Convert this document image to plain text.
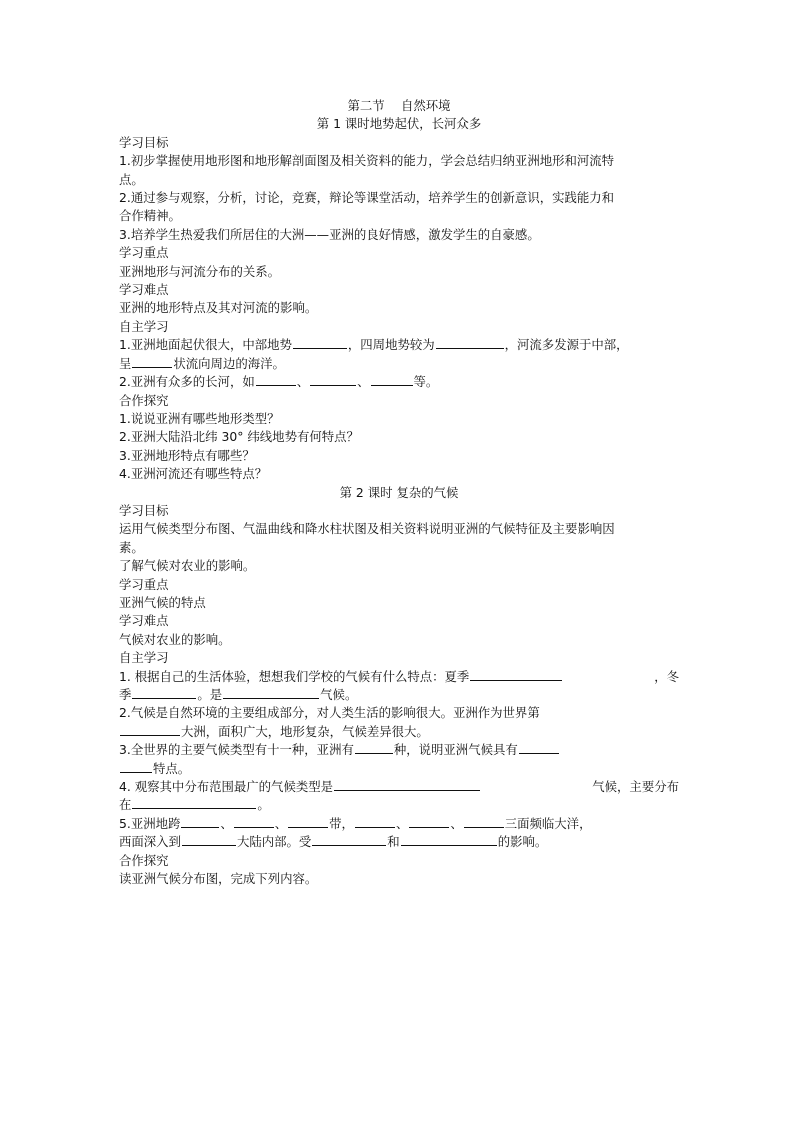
第二节　 自然环境
第 1 课时地势起伏，长河众多
学习目标
1.初步掌握使用地形图和地形解剖面图及相关资料的能力，学会总结归纳亚洲地形和河流特
点。
2.通过参与观察，分析，讨论，竞赛，辩论等课堂活动，培养学生的创新意识，实践能力和
合作精神。
3.培养学生热爱我们所居住的大洲——亚洲的良好情感，激发学生的自豪感。
学习重点
亚洲地形与河流分布的关系。
学习难点
亚洲的地形特点及其对河流的影响。
自主学习
1.亚洲地面起伏很大，中部地势	，四周地势较为	，河流多发源于中部，
呈	状流向周边的海洋。
2.亚洲有众多的长河，如	、	、	等。
合作探究
1.说说亚洲有哪些地形类型？
2.亚洲大陆沿北纬 30° 纬线地势有何特点？
3.亚洲地形特点有哪些？
4.亚洲河流还有哪些特点？
第 2 课时 复杂的气候
学习目标
运用气候类型分布图、气温曲线和降水柱状图及相关资料说明亚洲的气候特征及主要影响因
素。
了解气候对农业的影响。
学习重点
亚洲气候的特点
学习难点
气候对农业的影响。
自主学习
1. 根据自己的生活体验，想想我们学校的气候有什么特点：夏季	，冬
季	。是	气候。
2.气候是自然环境的主要组成部分，对人类生活的影响很大。亚洲作为世界第
大洲，面积广大，地形复杂，气候差异很大。
3.全世界的主要气候类型有十一种，亚洲有	种，说明亚洲气候具有
特点。
4. 观察其中分布范围最广的气候类型是	气候，主要分布
在	。
5.亚洲地跨	、	、	带，	、	、	三面频临大洋，
西面深入到	大陆内部。受	和	的影响。
合作探究
读亚洲气候分布图，完成下列内容。
